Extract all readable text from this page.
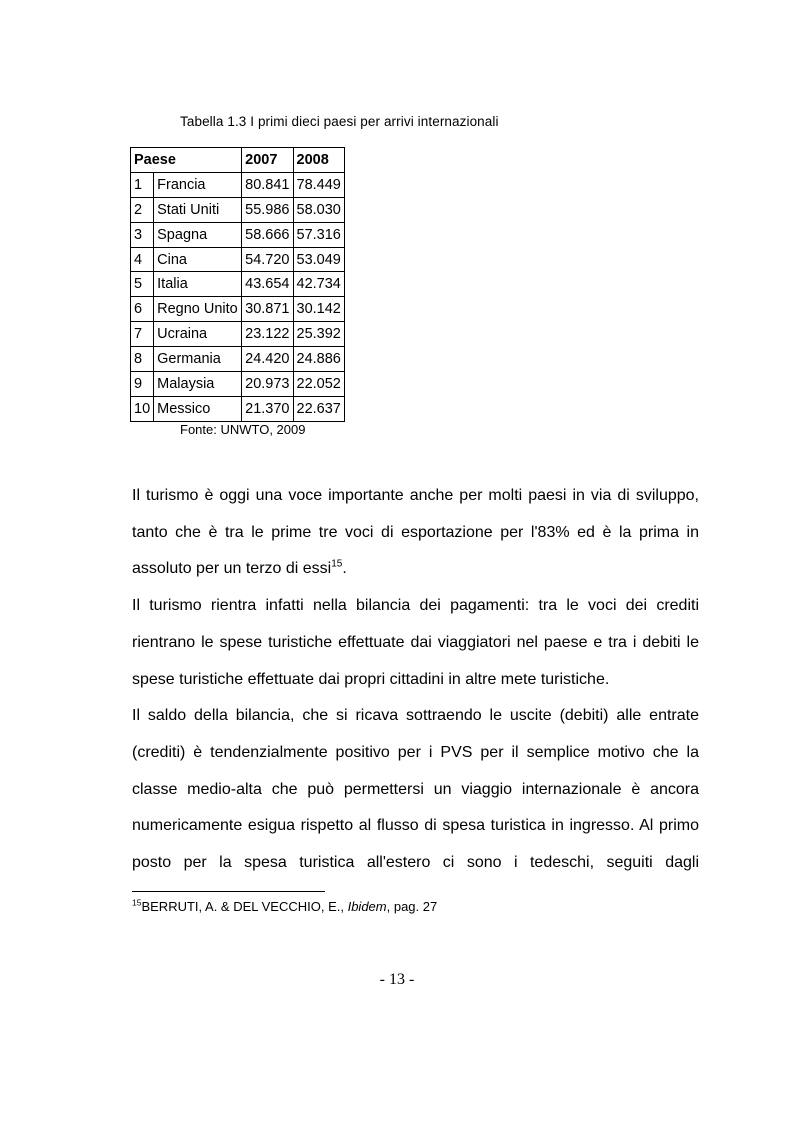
Tabella 1.3 I primi dieci paesi per arrivi internazionali
Paese		2007	2008
1	Francia	80.841	78.449
2	Stati Uniti	55.986	58.030
3	Spagna	58.666	57.316
4	Cina	54.720	53.049
5	Italia	43.654	42.734
6	Regno Unito	30.871	30.142
7	Ucraina	23.122	25.392
8	Germania	24.420	24.886
9	Malaysia	20.973	22.052
10	Messico	21.370	22.637
Fonte: UNWTO, 2009

Il turismo è oggi una voce importante anche per molti paesi in via di sviluppo, tanto che è tra le prime tre voci di esportazione per l'83% ed è la prima in assoluto per un terzo di essi$^{15}$.

Il turismo rientra infatti nella bilancia dei pagamenti: tra le voci dei crediti rientrano le spese turistiche effettuate dai viaggiatori nel paese e tra i debiti le spese turistiche effettuate dai propri cittadini in altre mete turistiche.

Il saldo della bilancia, che si ricava sottraendo le uscite (debiti) alle entrate (crediti) è tendenzialmente positivo per i PVS per il semplice motivo che la classe medio-alta che può permettersi un viaggio internazionale è ancora numericamente esigua rispetto al flusso di spesa turistica in ingresso. Al primo posto per la spesa turistica all'estero ci sono i tedeschi, seguiti dagli

$^{15}$BERRUTI, A. & DEL VECCHIO, E., Ibidem, pag. 27
- 13 -
